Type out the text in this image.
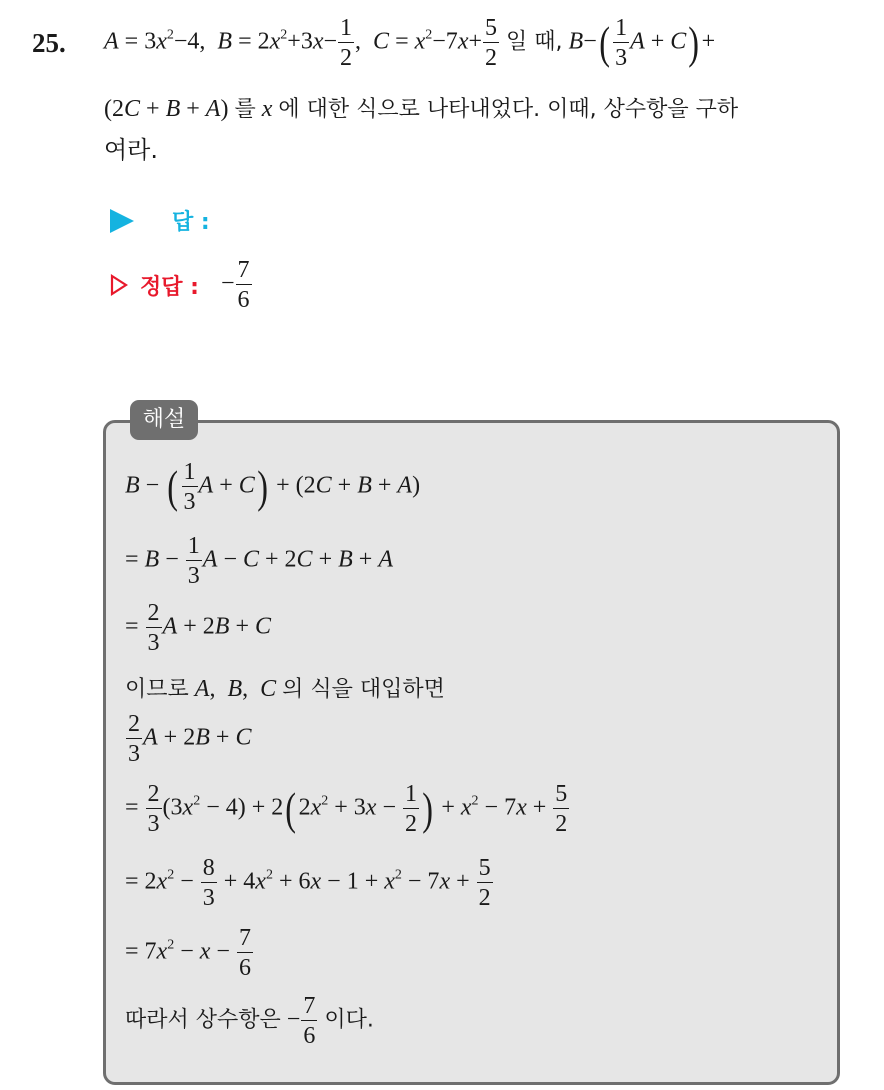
25. $A = 3x^2-4$,  $B = 2x^2+3x- \frac{1}{2}$ ,  $C = x^2-7x+ \frac{5}{2}$ 일 때, $B-( \frac{1}{3}$ A + C)+
(2C + B + A) 를 x 에 대한 식으로 나타내었다. 이때, 상수항을 구하
여라.
답 :
정답 : − $\frac{7}{6}$
해설
B − ( $\frac{1}{3}$ A + C) + (2C + B + A)
= $B - \frac{1}{3}$ A − C + 2C + B + A
= $\frac{2}{3}$ A + 2B + C
이므로 A,  B,  C 의 식을 대입하면
$\frac{2}{3}$ A + 2B + C
= $\frac{2}{3} (3x^2 - 4) + 2(2x^2 + 3x - \frac{1}{2}$ ) + $x^2 - 7x + \frac{5}{2}$
= $2x^2 - \frac{8}{3} + 4x^2 + 6x - 1 + x^2 - 7x + \frac{5}{2}$
= $7x^2 - x - \frac{7}{6}$
따라서 상수항은 − $\frac{7}{6}$ 이다.
